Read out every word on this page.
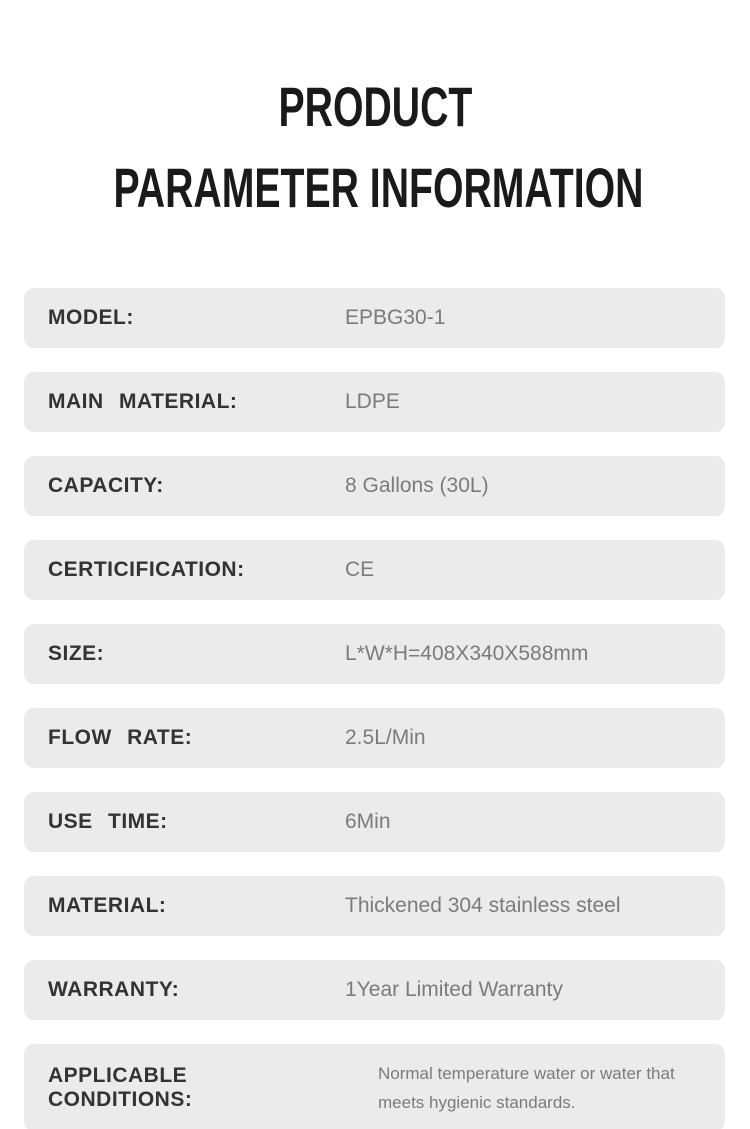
PRODUCT
PARAMETER INFORMATION
MODEL:	EPBG30-1
MAIN MATERIAL:	LDPE
CAPACITY:	8 Gallons (30L)
CERTICIFICATION:	CE
SIZE:	L*W*H=408X340X588mm
FLOW RATE:	2.5L/Min
USE TIME:	6Min
MATERIAL:	Thickened 304 stainless steel
WARRANTY:	1Year Limited Warranty
APPLICABLE CONDITIONS:
Normal temperature water or water that meets hygienic standards.
